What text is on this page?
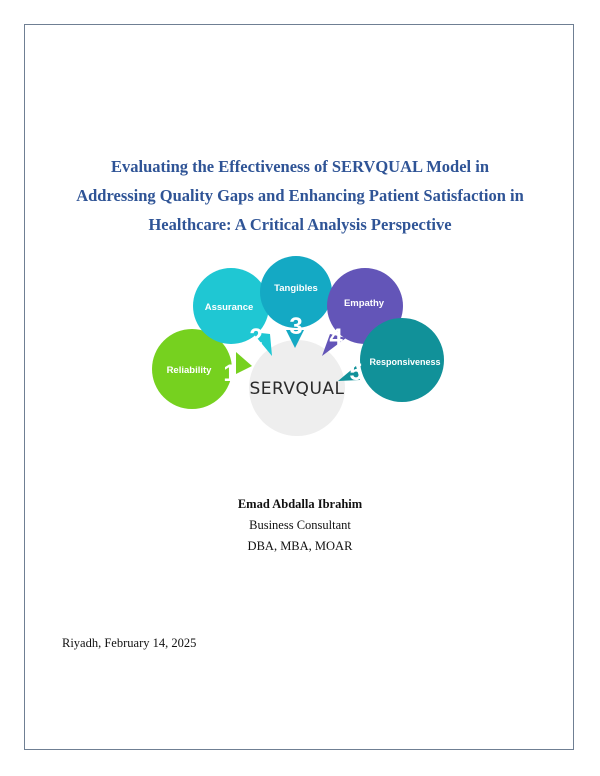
Evaluating the Effectiveness of SERVQUAL Model in
Addressing Quality Gaps and Enhancing Patient Satisfaction in
Healthcare: A Critical Analysis Perspective
Reliability 1
Assurance
2
Tangibles
3
Empathy
4
Responsiveness
5
SERVQUAL
Emad Abdalla Ibrahim
Business Consultant
DBA, MBA, MOAR
Riyadh, February 14, 2025
